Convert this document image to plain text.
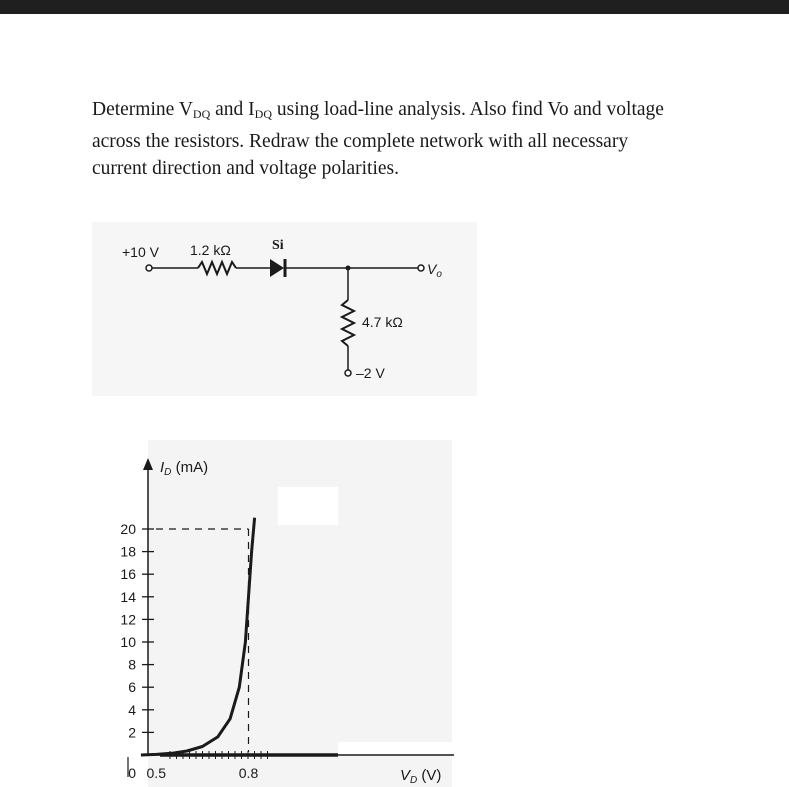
Determine $V_{DQ}$ and $I_{DQ}$ using load-line analysis. Also find Vo and voltage across the resistors. Redraw the complete network with all necessary current direction and voltage polarities.

+10 V 1.2 kΩ	Si
$V_o$
4.7 kΩ
–2 V
$I_D$ (mA)
$V_D$ (V)
0
2
4
6
8
10
12
14
16
18
20
0.5	0.8
